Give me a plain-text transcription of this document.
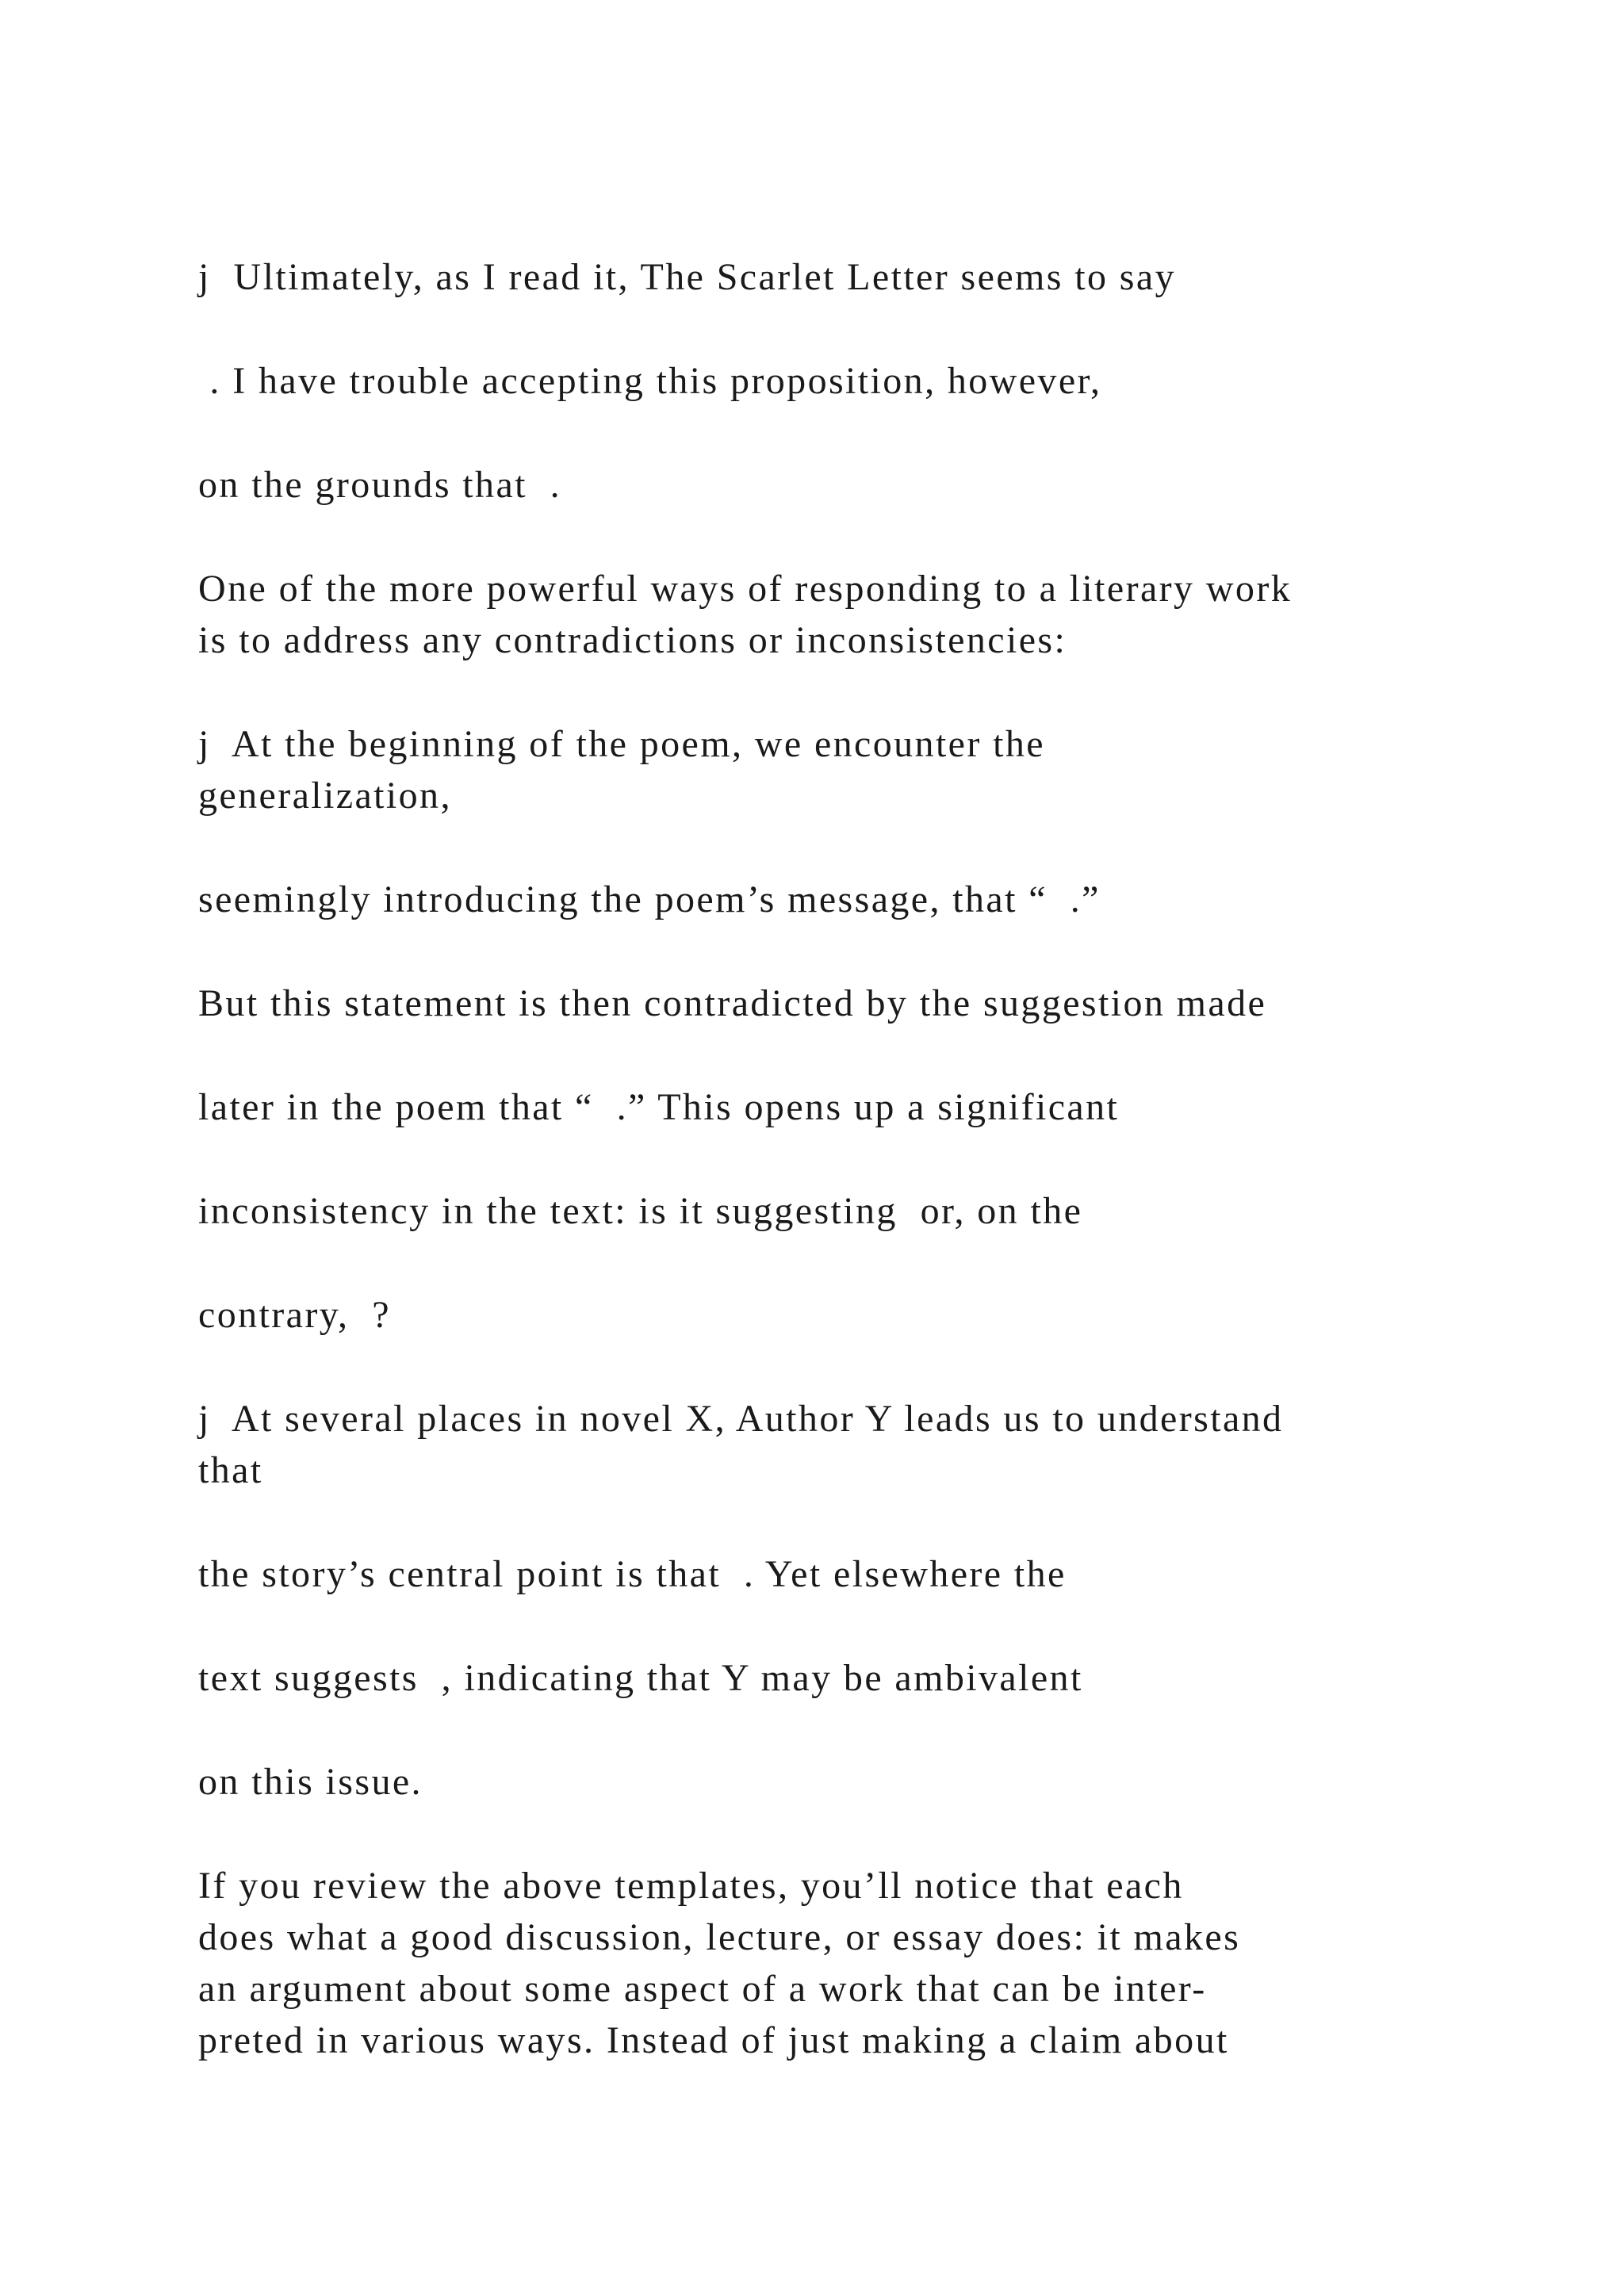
j  Ultimately, as I read it, The Scarlet Letter seems to say
. I have trouble accepting this proposition, however,
on the grounds that  .
One of the more powerful ways of responding to a literary work
is to address any contradictions or inconsistencies:
j  At the beginning of the poem, we encounter the
generalization,
seemingly introducing the poem’s message, that “  .”
But this statement is then contradicted by the suggestion made
later in the poem that “  .” This opens up a significant
inconsistency in the text: is it suggesting  or, on the
contrary,  ?
j  At several places in novel X, Author Y leads us to understand
that
the story’s central point is that  . Yet elsewhere the
text suggests  , indicating that Y may be ambivalent
on this issue.
If you review the above templates, you’ll notice that each
does what a good discussion, lecture, or essay does: it makes
an argument about some aspect of a work that can be inter-
preted in various ways. Instead of just making a claim about
